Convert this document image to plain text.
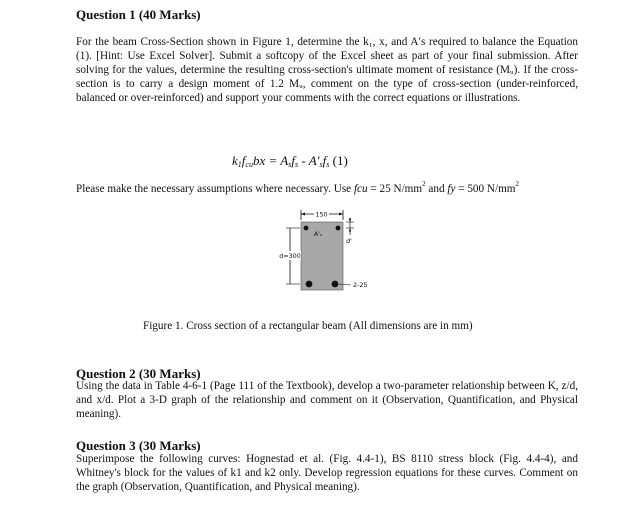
Question 1 (40 Marks)

For the beam Cross-Section shown in Figure 1, determine the k₁, x, and A′s required to balance the Equation (1). [Hint: Use Excel Solver]. Submit a softcopy of the Excel sheet as part of your final submission. After solving for the values, determine the resulting cross-section's ultimate moment of resistance (Mᵤ). If the cross-section is to carry a design moment of 1.2 Mᵤ, comment on the type of cross-section (under-reinforced, balanced or over-reinforced) and support your comments with the correct equations or illustrations.

$k_1f_{cu}bx = A_sf_s - A'_sf_s$ (1)
Please make the necessary assumptions where necessary. Use fcu = 25 $N/mm^2$ and fy = 500 $N/mm^2$
150
A'ₛ
2-25
d=300
d'
Figure 1. Cross section of a rectangular beam (All dimensions are in mm)
Question 2 (30 Marks)

Using the data in Table 4-6-1 (Page 111 of the Textbook), develop a two-parameter relationship between K, z/d, and x/d. Plot a 3-D graph of the relationship and comment on it (Observation, Quantification, and Physical meaning).

Question 3 (30 Marks)

Superimpose the following curves: Hognestad et al. (Fig. 4.4-1), BS 8110 stress block (Fig. 4.4-4), and Whitney's block for the values of k1 and k2 only. Develop regression equations for these curves. Comment on the graph (Observation, Quantification, and Physical meaning).
